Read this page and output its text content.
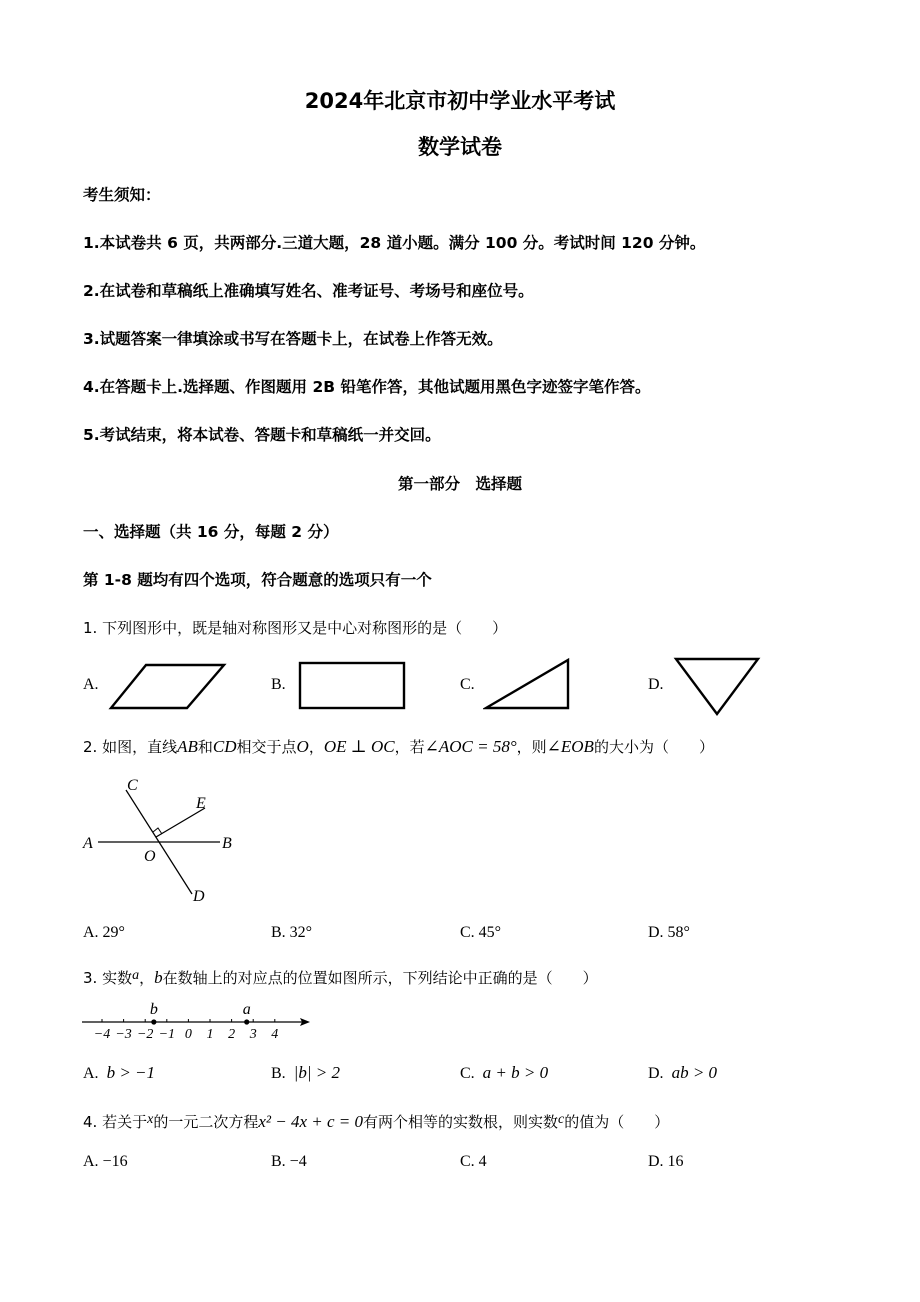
2024年北京市初中学业水平考试
数学试卷
考生须知：
1.本试卷共 6 页，共两部分.三道大题，28 道小题。满分 100 分。考试时间 120 分钟。
2.在试卷和草稿纸上准确填写姓名、准考证号、考场号和座位号。
3.试题答案一律填涂或书写在答题卡上，在试卷上作答无效。
4.在答题卡上.选择题、作图题用 2B 铅笔作答，其他试题用黑色字迹签字笔作答。
5.考试结束，将本试卷、答题卡和草稿纸一并交回。
第一部分　选择题
一、选择题（共 16 分，每题 2 分）
第 1-8 题均有四个选项，符合题意的选项只有一个
1. 下列图形中，既是轴对称图形又是中心对称图形的是（　　）
A.	B.	C.	D.
2. 如图，直线AB和CD相交于点O，OE ⊥ OC，若∠AOC = 58°，则∠EOB的大小为（　　）
C
E
A
O
B
D
A. 29°	B. 32°	C. 45°	D. 58°
3. 实数a，b在数轴上的对应点的位置如图所示，下列结论中正确的是（　　）
−4 −3 −2 −1 0 1 2 3 4
b	a
A. b > −1	B. |b| > 2	C. a + b > 0	D. ab > 0
4. 若关于x的一元二次方程x² − 4x + c = 0有两个相等的实数根，则实数c的值为（　　）
A. −16	B. −4	D. 16
C. 4
